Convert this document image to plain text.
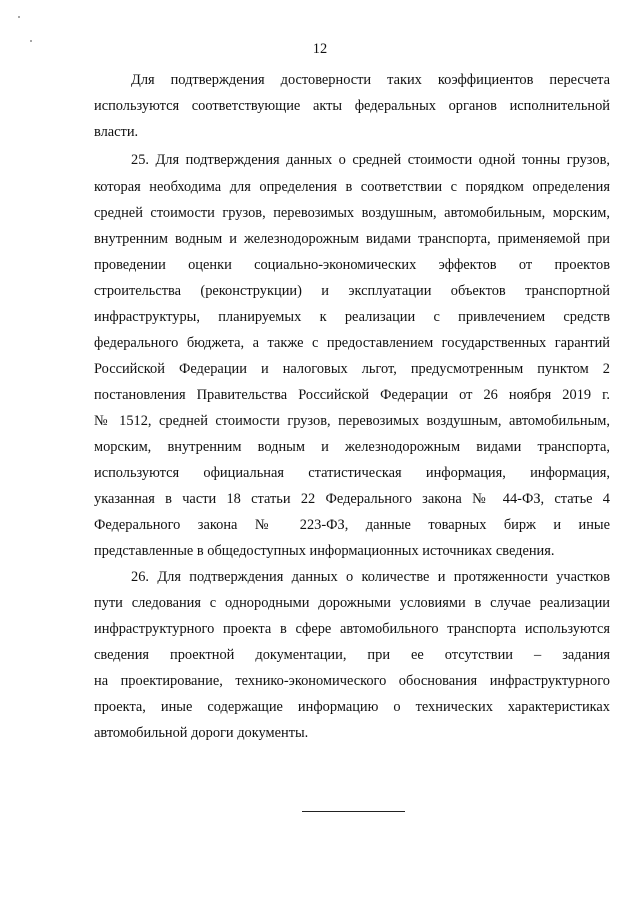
12
Для подтверждения достоверности таких коэффициентов пересчета
используются соответствующие акты федеральных органов исполнительной
власти.
25. Для подтверждения данных о средней стоимости одной тонны грузов,
которая необходима для определения в соответствии с порядком определения
средней стоимости грузов, перевозимых воздушным, автомобильным, морским,
внутренним водным и железнодорожным видами транспорта, применяемой при
проведении оценки социально-экономических эффектов от проектов
строительства (реконструкции) и эксплуатации объектов транспортной
инфраструктуры, планируемых к реализации с привлечением средств
федерального бюджета, а также с предоставлением государственных гарантий
Российской Федерации и налоговых льгот, предусмотренным пунктом 2
постановления Правительства Российской Федерации от 26 ноября 2019 г.
№ 1512, средней стоимости грузов, перевозимых воздушным, автомобильным,
морским, внутренним водным и железнодорожным видами транспорта,
используются официальная статистическая информация, информация,
указанная в части 18 статьи 22 Федерального закона № 44-ФЗ, статье 4
Федерального закона № 223-ФЗ, данные товарных бирж и иные
представленные в общедоступных информационных источниках сведения.
26. Для подтверждения данных о количестве и протяженности участков
пути следования с однородными дорожными условиями в случае реализации
инфраструктурного проекта в сфере автомобильного транспорта используются
сведения проектной документации, при ее отсутствии – задания
на проектирование, технико-экономического обоснования инфраструктурного
проекта, иные содержащие информацию о технических характеристиках
автомобильной дороги документы.
